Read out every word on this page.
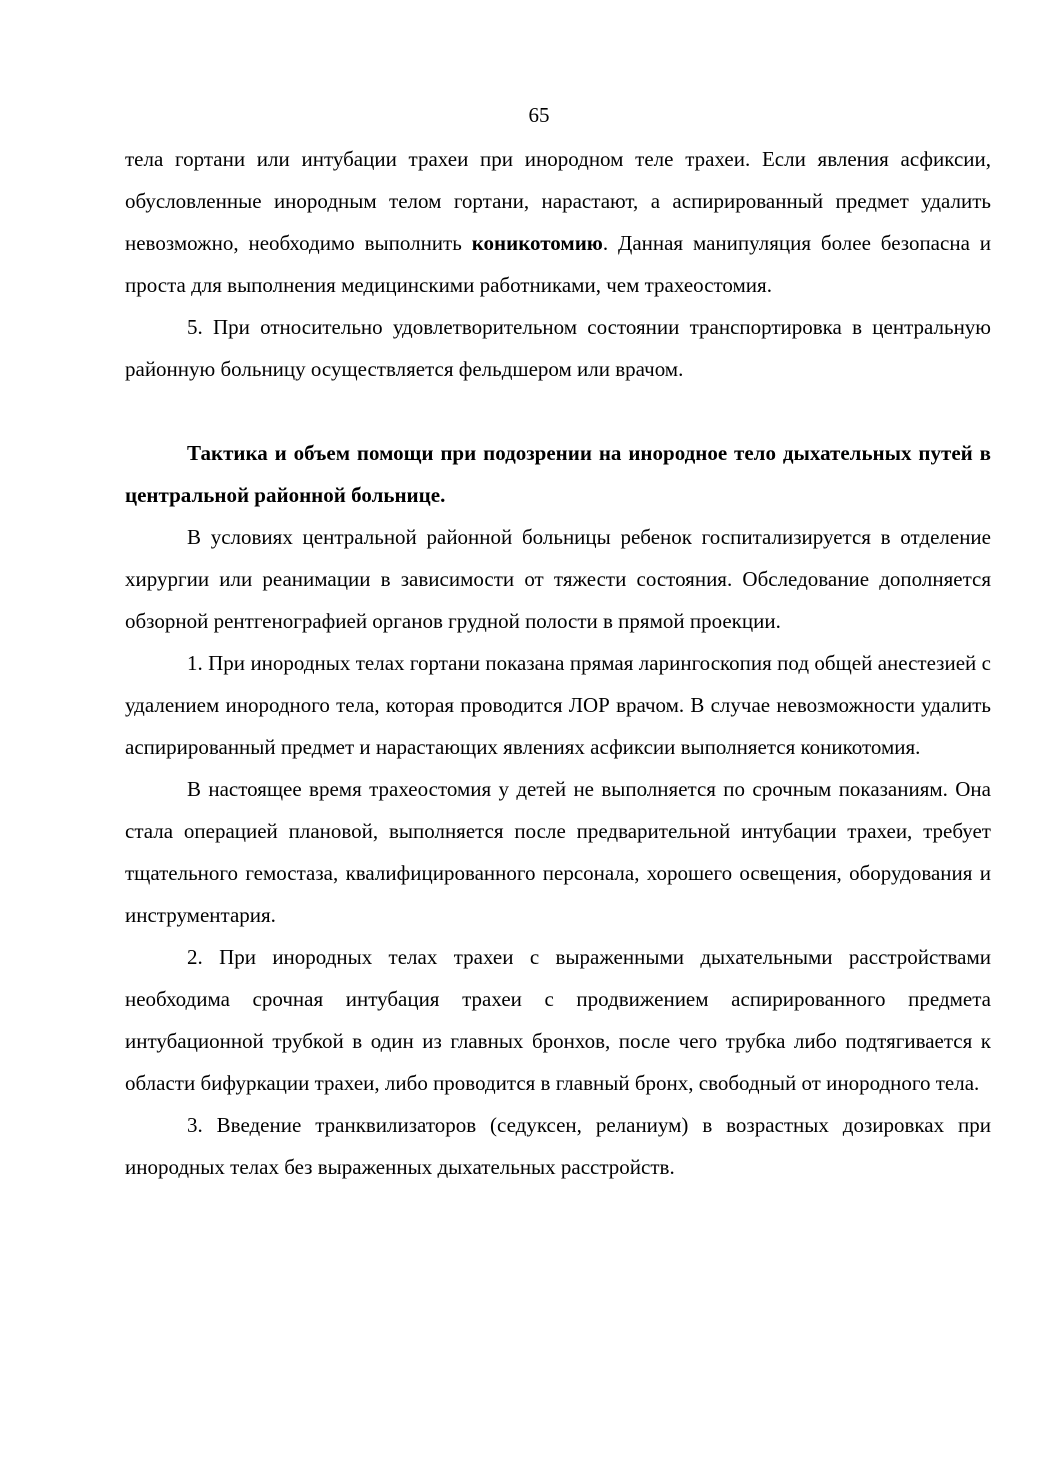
65

тела гортани или интубации трахеи при инородном теле трахеи. Если явления асфиксии, обусловленные инородным телом гортани, нарастают, а аспирированный предмет удалить невозможно, необходимо выполнить коникотомию. Данная манипуляция более безопасна и проста для выполнения медицинскими работниками, чем трахеостомия.

5. При относительно удовлетворительном состоянии транспортировка в центральную районную больницу осуществляется фельдшером или врачом.

Тактика и объем помощи при подозрении на инородное тело дыхательных путей в центральной районной больнице.

В условиях центральной районной больницы ребенок госпитализируется в отделение хирургии или реанимации в зависимости от тяжести состояния. Обследование дополняется обзорной рентгенографией органов грудной полости в прямой проекции.

1. При инородных телах гортани показана прямая ларингоскопия под общей анестезией с удалением инородного тела, которая проводится ЛОР врачом. В случае невозможности удалить аспирированный предмет и нарастающих явлениях асфиксии выполняется коникотомия.

В настоящее время трахеостомия у детей не выполняется по срочным показаниям. Она стала операцией плановой, выполняется после предварительной интубации трахеи, требует тщательного гемостаза, квалифицированного персонала, хорошего освещения, оборудования и инструментария.

2. При инородных телах трахеи с выраженными дыхательными расстройствами необходима срочная интубация трахеи с продвижением аспирированного предмета интубационной трубкой в один из главных бронхов, после чего трубка либо подтягивается к области бифуркации трахеи, либо проводится в главный бронх, свободный от инородного тела.

3. Введение транквилизаторов (седуксен, реланиум) в возрастных дозировках при инородных телах без выраженных дыхательных расстройств.
